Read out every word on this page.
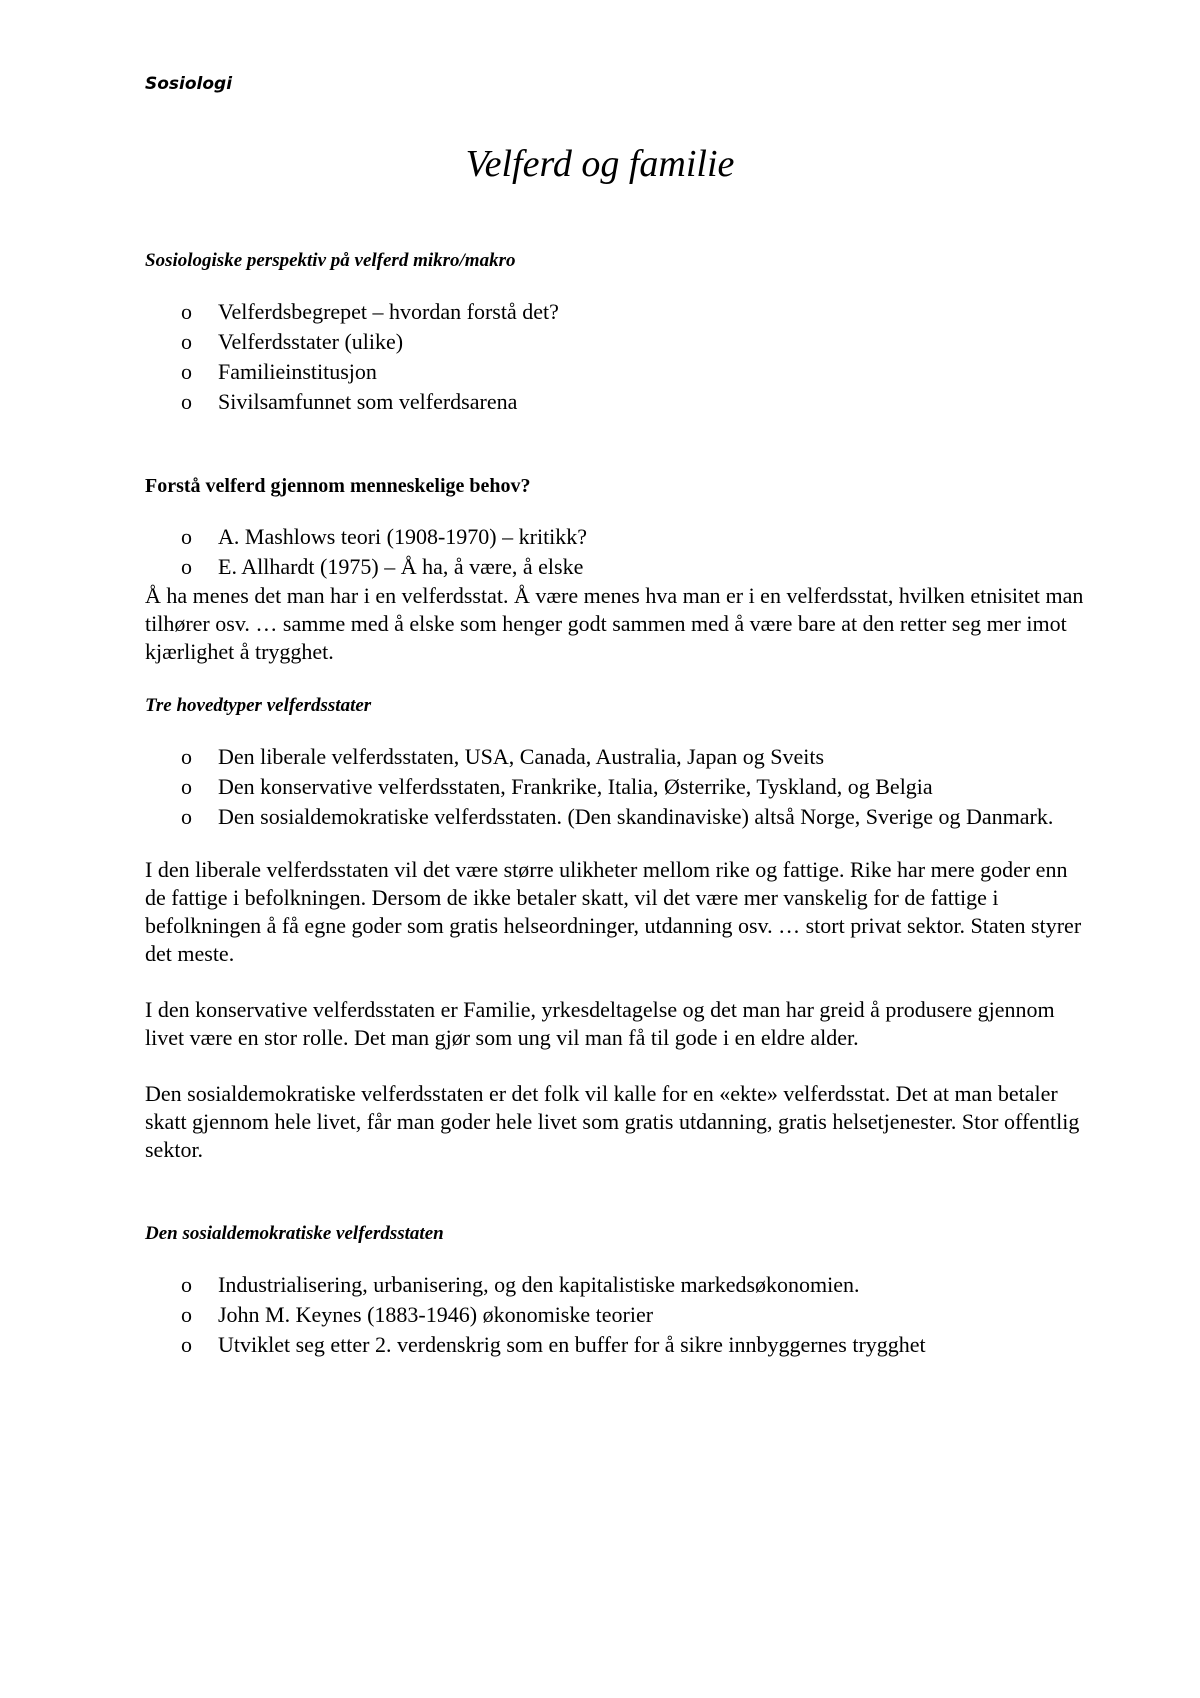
Sosiologi
Velferd og familie

Sosiologiske perspektiv på velferd mikro/makro

o Velferdsbegrepet – hvordan forstå det?
o Velferdsstater (ulike)
o Familieinstitusjon
o Sivilsamfunnet som velferdsarena

Forstå velferd gjennom menneskelige behov?

o A. Mashlows teori (1908-1970) – kritikk?
o E. Allhardt (1975) – Å ha, å være, å elske

Å ha menes det man har i en velferdsstat. Å være menes hva man er i en velferdsstat, hvilken etnisitet man tilhører osv. … samme med å elske som henger godt sammen med å være bare at den retter seg mer imot kjærlighet å trygghet.

Tre hovedtyper velferdsstater

o Den liberale velferdsstaten, USA, Canada, Australia, Japan og Sveits
o Den konservative velferdsstaten, Frankrike, Italia, Østerrike, Tyskland, og Belgia
o Den sosialdemokratiske velferdsstaten. (Den skandinaviske) altså Norge, Sverige og Danmark.

I den liberale velferdsstaten vil det være større ulikheter mellom rike og fattige. Rike har mere goder enn de fattige i befolkningen. Dersom de ikke betaler skatt, vil det være mer vanskelig for de fattige i befolkningen å få egne goder som gratis helseordninger, utdanning osv. … stort privat sektor. Staten styrer det meste.

I den konservative velferdsstaten er Familie, yrkesdeltagelse og det man har greid å produsere gjennom livet være en stor rolle. Det man gjør som ung vil man få til gode i en eldre alder.

Den sosialdemokratiske velferdsstaten er det folk vil kalle for en «ekte» velferdsstat. Det at man betaler skatt gjennom hele livet, får man goder hele livet som gratis utdanning, gratis helsetjenester. Stor offentlig sektor.

Den sosialdemokratiske velferdsstaten

o Industrialisering, urbanisering, og den kapitalistiske markedsøkonomien.
o John M. Keynes (1883-1946) økonomiske teorier
o Utviklet seg etter 2. verdenskrig som en buffer for å sikre innbyggernes trygghet
